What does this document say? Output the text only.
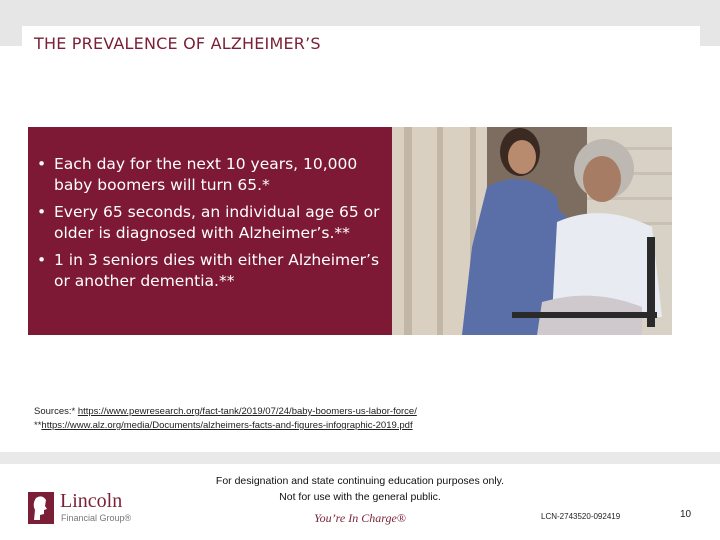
THE PREVALENCE OF ALZHEIMER’S
• Each day for the next 10 years, 10,000 baby boomers will turn 65.*
• Every 65 seconds, an individual age 65 or older is diagnosed with Alzheimer’s.**
• 1 in 3 seniors dies with either Alzheimer’s or another dementia.**
Sources:* https://www.pewresearch.org/fact-tank/2019/07/24/baby-boomers-us-labor-force/
**https://www.alz.org/media/Documents/alzheimers-facts-and-figures-infographic-2019.pdf
For designation and state continuing education purposes only.
Not for use with the general public.
Lincoln
Financial Group®	You’re In Charge®	LCN-2743520-092419	10
